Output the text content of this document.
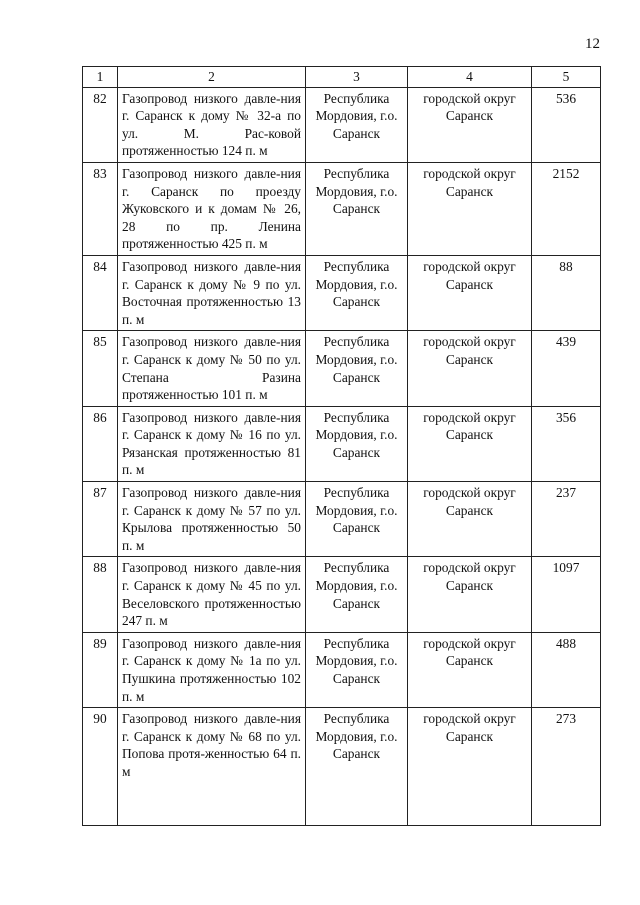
12
1	2	3	4	5
82	Газопровод низкого давле-ния г. Саранск к дому № 32-а по ул. М. Рас-ковой протяженностью 124 п. м	Республика Мордовия, г.о. Саранск	городской округ Саранск	536
83	Газопровод низкого давле-ния г. Саранск по проезду Жуковского и к домам № 26, 28 по пр. Ленина протяженностью 425 п. м	Республика Мордовия, г.о. Саранск	городской округ Саранск	2152
84	Газопровод низкого давле-ния г. Саранск к дому № 9 по ул. Восточная протяженностью 13 п. м	Республика Мордовия, г.о. Саранск	городской округ Саранск	88
85	Газопровод низкого давле-ния г. Саранск к дому № 50 по ул. Степана Разина протяженностью 101 п. м	Республика Мордовия, г.о. Саранск	городской округ Саранск	439
86	Газопровод низкого давле-ния г. Саранск к дому № 16 по ул. Рязанская протяженностью 81 п. м	Республика Мордовия, г.о. Саранск	городской округ Саранск	356
87	Газопровод низкого давле-ния г. Саранск к дому № 57 по ул. Крылова протяженностью 50 п. м	Республика Мордовия, г.о. Саранск	городской округ Саранск	237
88	Газопровод низкого давле-ния г. Саранск к дому № 45 по ул. Веселовского протяженностью 247 п. м	Республика Мордовия, г.о. Саранск	городской округ Саранск	1097
89	Газопровод низкого давле-ния г. Саранск к дому № 1а по ул. Пушкина протяженностью 102 п. м	Республика Мордовия, г.о. Саранск	городской округ Саранск	488
90	Газопровод низкого давле-ния г. Саранск к дому № 68 по ул. Попова протя-женностью 64 п. м	Республика Мордовия, г.о. Саранск	городской округ Саранск	273
